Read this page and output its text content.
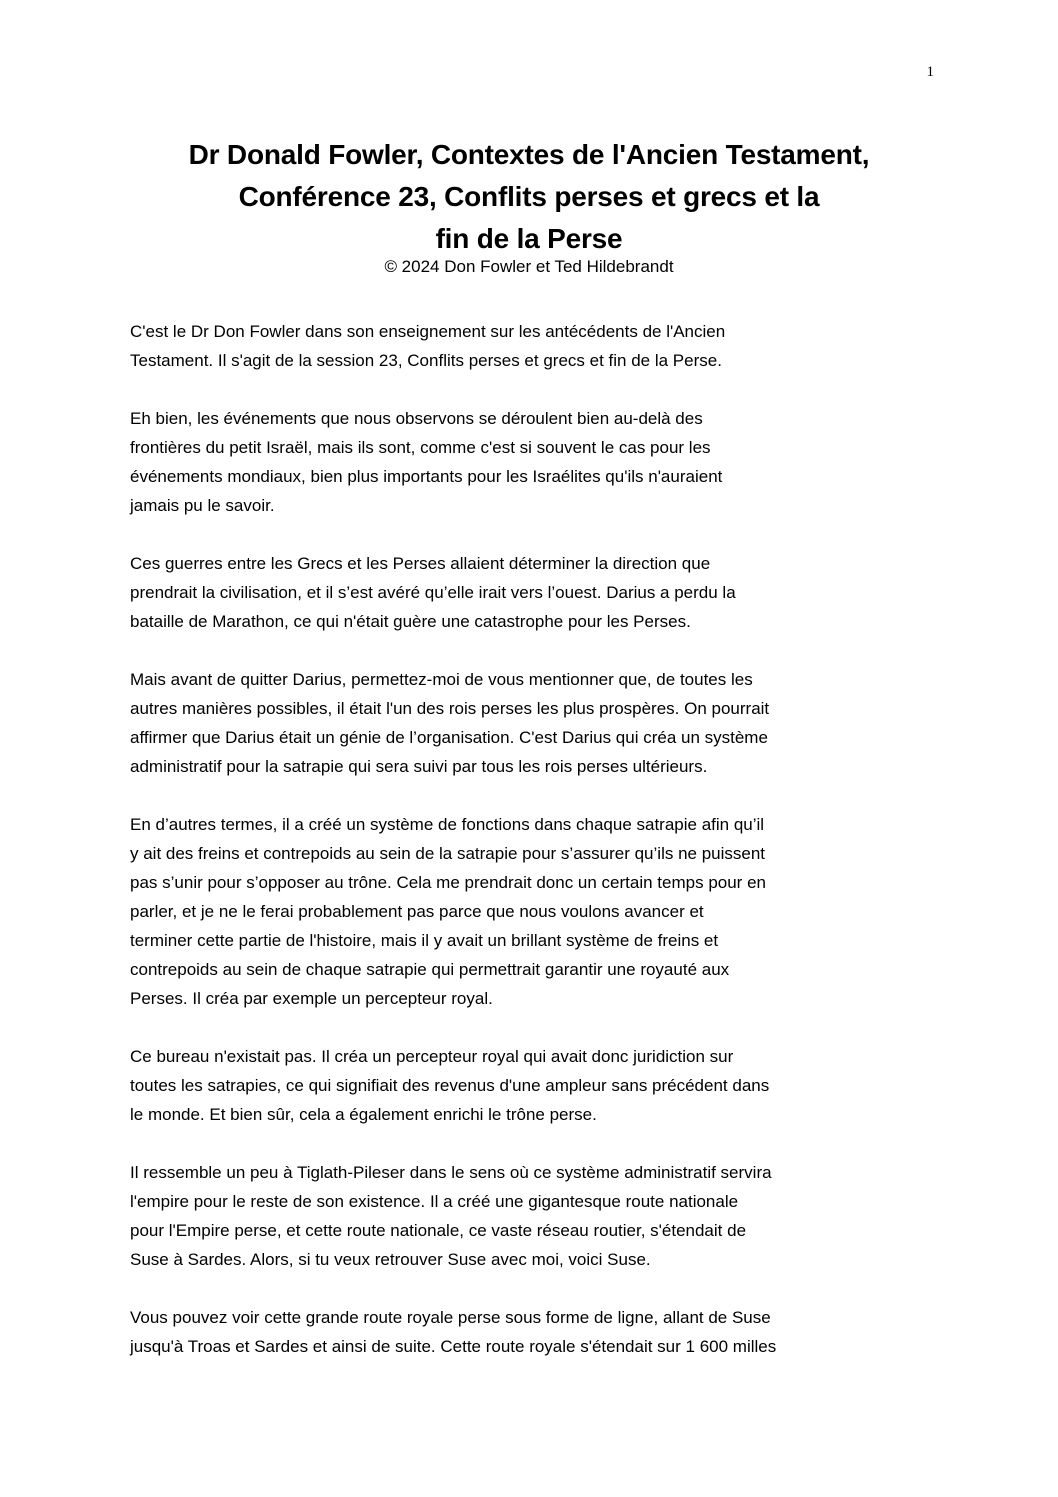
1
Dr Donald Fowler, Contextes de l'Ancien Testament,
Conférence 23, Conflits perses et grecs et la
fin de la Perse
© 2024 Don Fowler et Ted Hildebrandt

C'est le Dr Don Fowler dans son enseignement sur les antécédents de l'Ancien
Testament. Il s'agit de la session 23, Conflits perses et grecs et fin de la Perse.

Eh bien, les événements que nous observons se déroulent bien au-delà des
frontières du petit Israël, mais ils sont, comme c'est si souvent le cas pour les
événements mondiaux, bien plus importants pour les Israélites qu'ils n'auraient
jamais pu le savoir.

Ces guerres entre les Grecs et les Perses allaient déterminer la direction que
prendrait la civilisation, et il s’est avéré qu’elle irait vers l’ouest. Darius a perdu la
bataille de Marathon, ce qui n'était guère une catastrophe pour les Perses.

Mais avant de quitter Darius, permettez-moi de vous mentionner que, de toutes les
autres manières possibles, il était l'un des rois perses les plus prospères. On pourrait
affirmer que Darius était un génie de l’organisation. C'est Darius qui créa un système
administratif pour la satrapie qui sera suivi par tous les rois perses ultérieurs.

En d’autres termes, il a créé un système de fonctions dans chaque satrapie afin qu’il
y ait des freins et contrepoids au sein de la satrapie pour s’assurer qu’ils ne puissent
pas s’unir pour s’opposer au trône. Cela me prendrait donc un certain temps pour en
parler, et je ne le ferai probablement pas parce que nous voulons avancer et
terminer cette partie de l'histoire, mais il y avait un brillant système de freins et
contrepoids au sein de chaque satrapie qui permettrait garantir une royauté aux
Perses. Il créa par exemple un percepteur royal.

Ce bureau n'existait pas. Il créa un percepteur royal qui avait donc juridiction sur
toutes les satrapies, ce qui signifiait des revenus d'une ampleur sans précédent dans
le monde. Et bien sûr, cela a également enrichi le trône perse.

Il ressemble un peu à Tiglath-Pileser dans le sens où ce système administratif servira
l'empire pour le reste de son existence. Il a créé une gigantesque route nationale
pour l'Empire perse, et cette route nationale, ce vaste réseau routier, s'étendait de
Suse à Sardes. Alors, si tu veux retrouver Suse avec moi, voici Suse.

Vous pouvez voir cette grande route royale perse sous forme de ligne, allant de Suse
jusqu'à Troas et Sardes et ainsi de suite. Cette route royale s'étendait sur 1 600 milles
